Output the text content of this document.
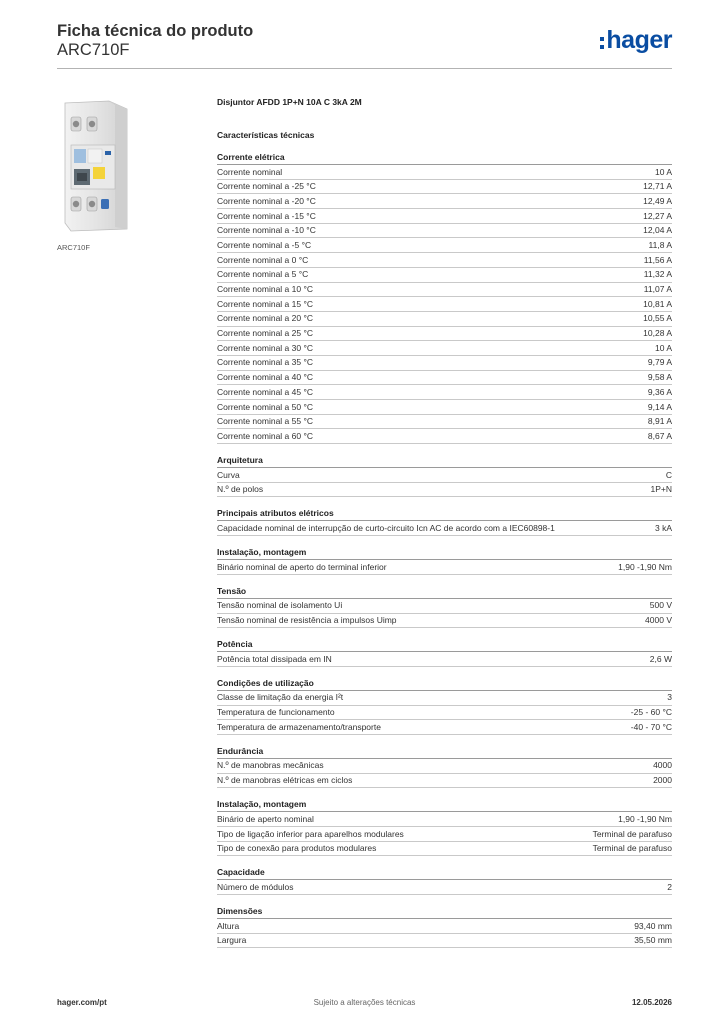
Ficha técnica do produto
ARC710F	hager
ARC710F
Disjuntor AFDD 1P+N 10A C 3kA 2M
Características técnicas
Corrente elétrica
Corrente nominal	10 A
Corrente nominal a -25 °C	12,71 A
Corrente nominal a -20 °C	12,49 A
Corrente nominal a -15 °C	12,27 A
Corrente nominal a -10 °C	12,04 A
Corrente nominal a -5 °C	11,8 A
Corrente nominal a 0 °C	11,56 A
Corrente nominal a 5 °C	11,32 A
Corrente nominal a 10 °C	11,07 A
Corrente nominal a 15 °C	10,81 A
Corrente nominal a 20 °C	10,55 A
Corrente nominal a 25 °C	10,28 A
Corrente nominal a 30 °C	10 A
Corrente nominal a 35 °C	9,79 A
Corrente nominal a 40 °C	9,58 A
Corrente nominal a 45 °C	9,36 A
Corrente nominal a 50 °C	9,14 A
Corrente nominal a 55 °C	8,91 A
Corrente nominal a 60 °C	8,67 A
Arquitetura
Curva	C
N.º de polos	1P+N
Principais atributos elétricos
Capacidade nominal de interrupção de curto-circuito Icn AC de acordo com a IEC60898-1	3 kA
Instalação, montagem
Binário nominal de aperto do terminal inferior	1,90 -1,90 Nm
Tensão
Tensão nominal de isolamento Ui	500 V
Tensão nominal de resistência a impulsos Uimp	4000 V
Potência
Potência total dissipada em IN	2,6 W
Condições de utilização
Classe de limitação da energia I²t	3
Temperatura de funcionamento	-25 - 60 °C
Temperatura de armazenamento/transporte	-40 - 70 °C
Endurância
N.º de manobras mecânicas	4000
N.º de manobras elétricas em ciclos	2000
Instalação, montagem
Binário de aperto nominal	1,90 -1,90 Nm
Tipo de ligação inferior para aparelhos modulares	Terminal de parafuso
Tipo de conexão para produtos modulares	Terminal de parafuso
Capacidade
Número de módulos	2
Dimensões
Altura	93,40 mm
Largura	35,50 mm
hager.com/pt	Sujeito a alterações técnicas	12.05.2026
